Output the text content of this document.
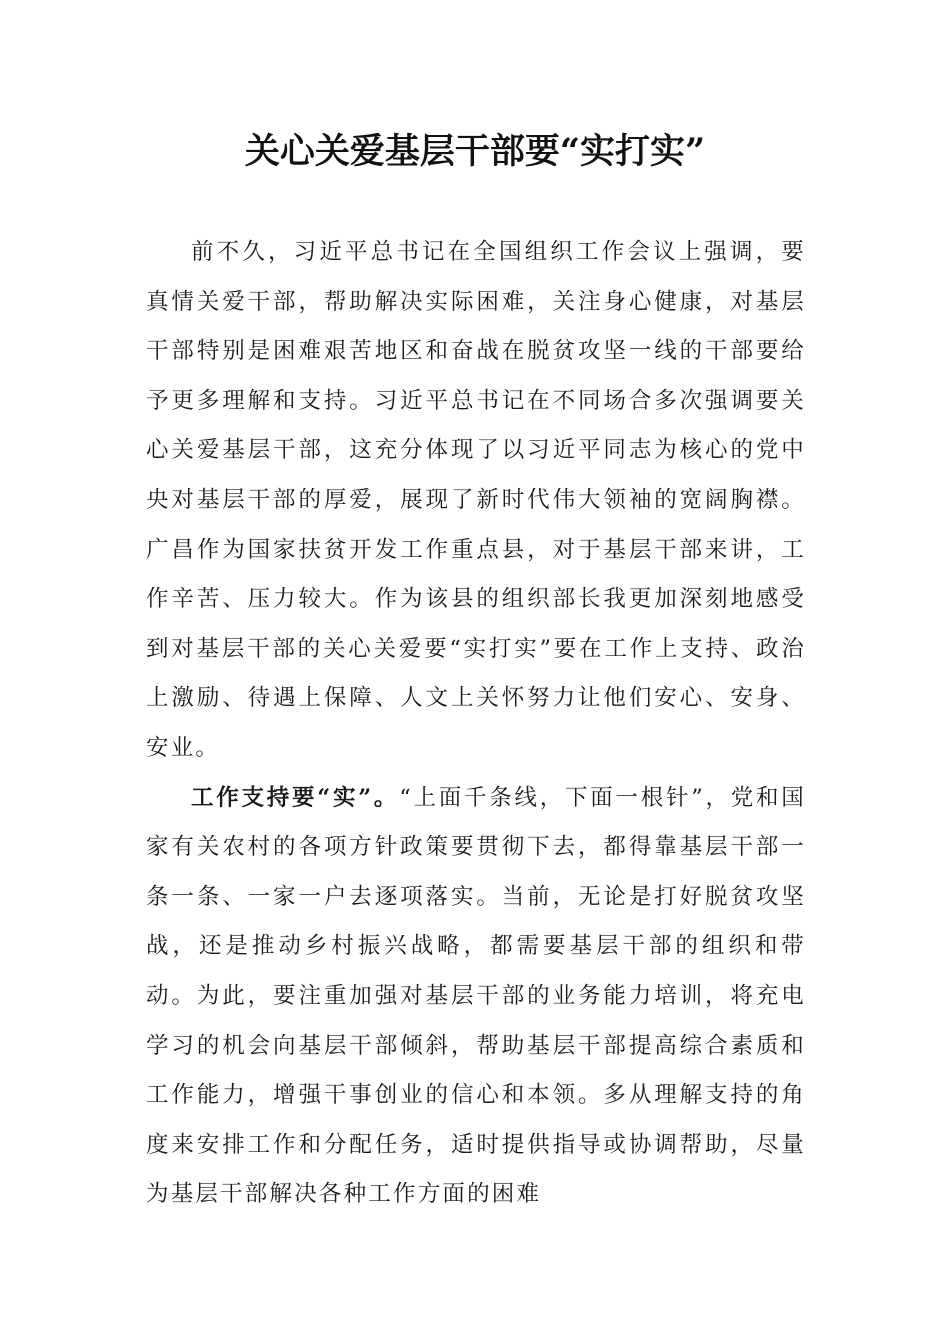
关心关爱基层干部要“实打实”

前不久，习近平总书记在全国组织工作会议上强调，要真情关爱干部，帮助解决实际困难，关注身心健康，对基层干部特别是困难艰苦地区和奋战在脱贫攻坚一线的干部要给予更多理解和支持。习近平总书记在不同场合多次强调要关心关爱基层干部，这充分体现了以习近平同志为核心的党中央对基层干部的厚爱，展现了新时代伟大领袖的宽阔胸襟。广昌作为国家扶贫开发工作重点县，对于基层干部来讲，工作辛苦、压力较大。作为该县的组织部长我更加深刻地感受到对基层干部的关心关爱要“实打实”要在工作上支持、政治上激励、待遇上保障、人文上关怀努力让他们安心、安身、安业。

工作支持要“实”。“上面千条线，下面一根针”，党和国家有关农村的各项方针政策要贯彻下去，都得靠基层干部一条一条、一家一户去逐项落实。当前，无论是打好脱贫攻坚战，还是推动乡村振兴战略，都需要基层干部的组织和带动。为此，要注重加强对基层干部的业务能力培训，将充电学习的机会向基层干部倾斜，帮助基层干部提高综合素质和工作能力，增强干事创业的信心和本领。多从理解支持的角度来安排工作和分配任务，适时提供指导或协调帮助，尽量为基层干部解决各种工作方面的困难
